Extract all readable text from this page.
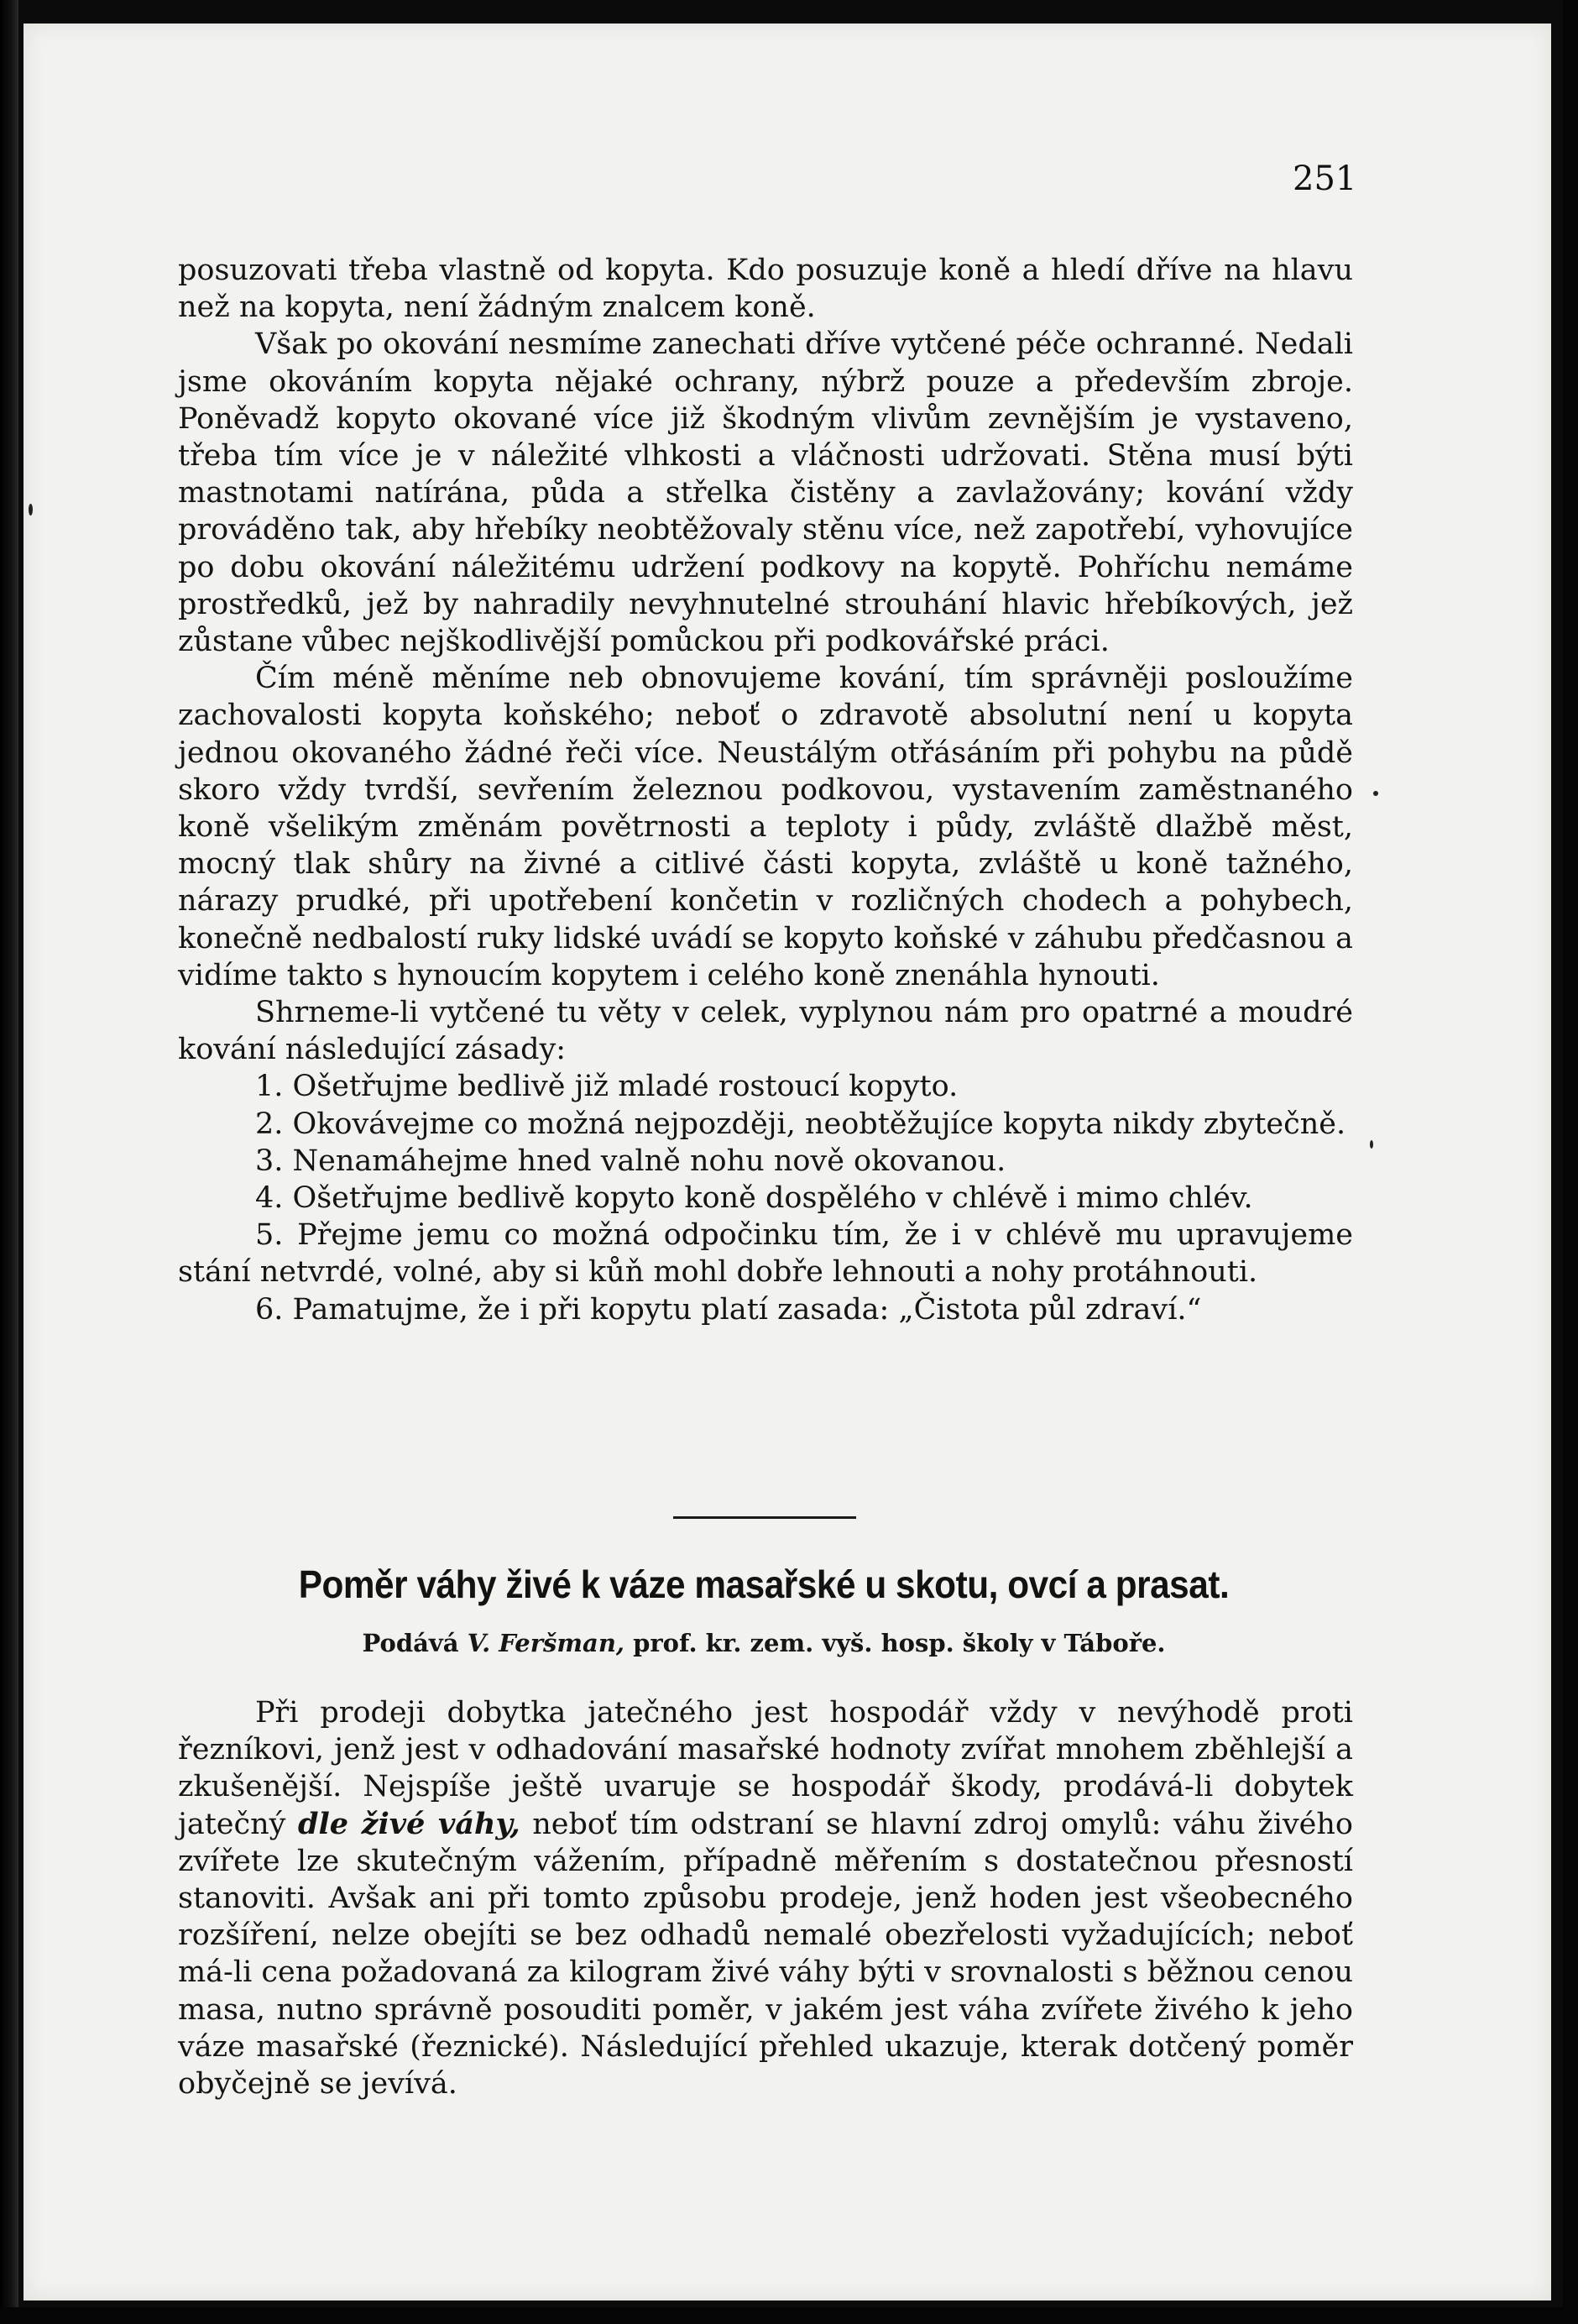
251

posuzovati třeba vlastně od kopyta. Kdo posuzuje koně a hledí dříve na hlavu než na kopyta, není žádným znalcem koně.

Však po okování nesmíme zanechati dříve vytčené péče ochranné. Nedali jsme okováním kopyta nějaké ochrany, nýbrž pouze a především zbroje. Poněvadž kopyto okované více již škodným vlivům zevnějším je vystaveno, třeba tím více je v náležité vlhkosti a vláčnosti udržovati. Stěna musí býti mastnotami natírána, půda a střelka čistěny a zavlažovány; kování vždy prováděno tak, aby hřebíky neobtěžovaly stěnu více, než zapotřebí, vyhovujíce po dobu okování náležitému udržení podkovy na kopytě. Pohříchu nemáme prostředků, jež by nahradily nevyhnutelné strouhání hlavic hřebíkových, jež zůstane vůbec nejškodlivější pomůckou při podkovářské práci.

Čím méně měníme neb obnovujeme kování, tím správněji posloužíme zachovalosti kopyta koňského; neboť o zdravotě absolutní není u kopyta jednou okovaného žádné řeči více. Neustálým otřásáním při pohybu na půdě skoro vždy tvrdší, sevřením železnou podkovou, vystavením zaměstnaného koně všelikým změnám povětrnosti a teploty i půdy, zvláště dlažbě měst, mocný tlak shůry na živné a citlivé části kopyta, zvláště u koně tažného, nárazy prudké, při upotřebení končetin v rozličných chodech a pohybech, konečně nedbalostí ruky lidské uvádí se kopyto koňské v záhubu předčasnou a vidíme takto s hynoucím kopytem i celého koně znenáhla hynouti.

Shrneme-li vytčené tu věty v celek, vyplynou nám pro opatrné a moudré kování následující zásady:

1. Ošetřujme bedlivě již mladé rostoucí kopyto.

2. Okovávejme co možná nejpozději, neobtěžujíce kopyta nikdy zbytečně.

3. Nenamáhejme hned valně nohu nově okovanou.

4. Ošetřujme bedlivě kopyto koně dospělého v chlévě i mimo chlév.

5. Přejme jemu co možná odpočinku tím, že i v chlévě mu upravujeme stání netvrdé, volné, aby si kůň mohl dobře lehnouti a nohy protáhnouti.

6. Pamatujme, že i při kopytu platí zasada: „Čistota půl zdraví.“

Poměr váhy živé k váze masařské u skotu, ovcí a prasat.
Podává V. Feršman, prof. kr. zem. vyš. hosp. školy v Táboře.

Při prodeji dobytka jatečného jest hospodář vždy v nevýhodě proti řezníkovi, jenž jest v odhadování masařské hodnoty zvířat mnohem zběhlejší a zkušenější. Nejspíše ještě uvaruje se hospodář škody, prodává-li dobytek jatečný dle živé váhy, neboť tím odstraní se hlavní zdroj omylů: váhu živého zvířete lze skutečným vážením, případně měřením s dostatečnou přesností stanoviti. Avšak ani při tomto způsobu prodeje, jenž hoden jest všeobecného rozšíření, nelze obejíti se bez odhadů nemalé obezřelosti vyžadujících; neboť má-li cena požadovaná za kilogram živé váhy býti v srovnalosti s běžnou cenou masa, nutno správně posouditi poměr, v jakém jest váha zvířete živého k jeho váze masařské (řeznické). Následující přehled ukazuje, kterak dotčený poměr obyčejně se jevívá.
